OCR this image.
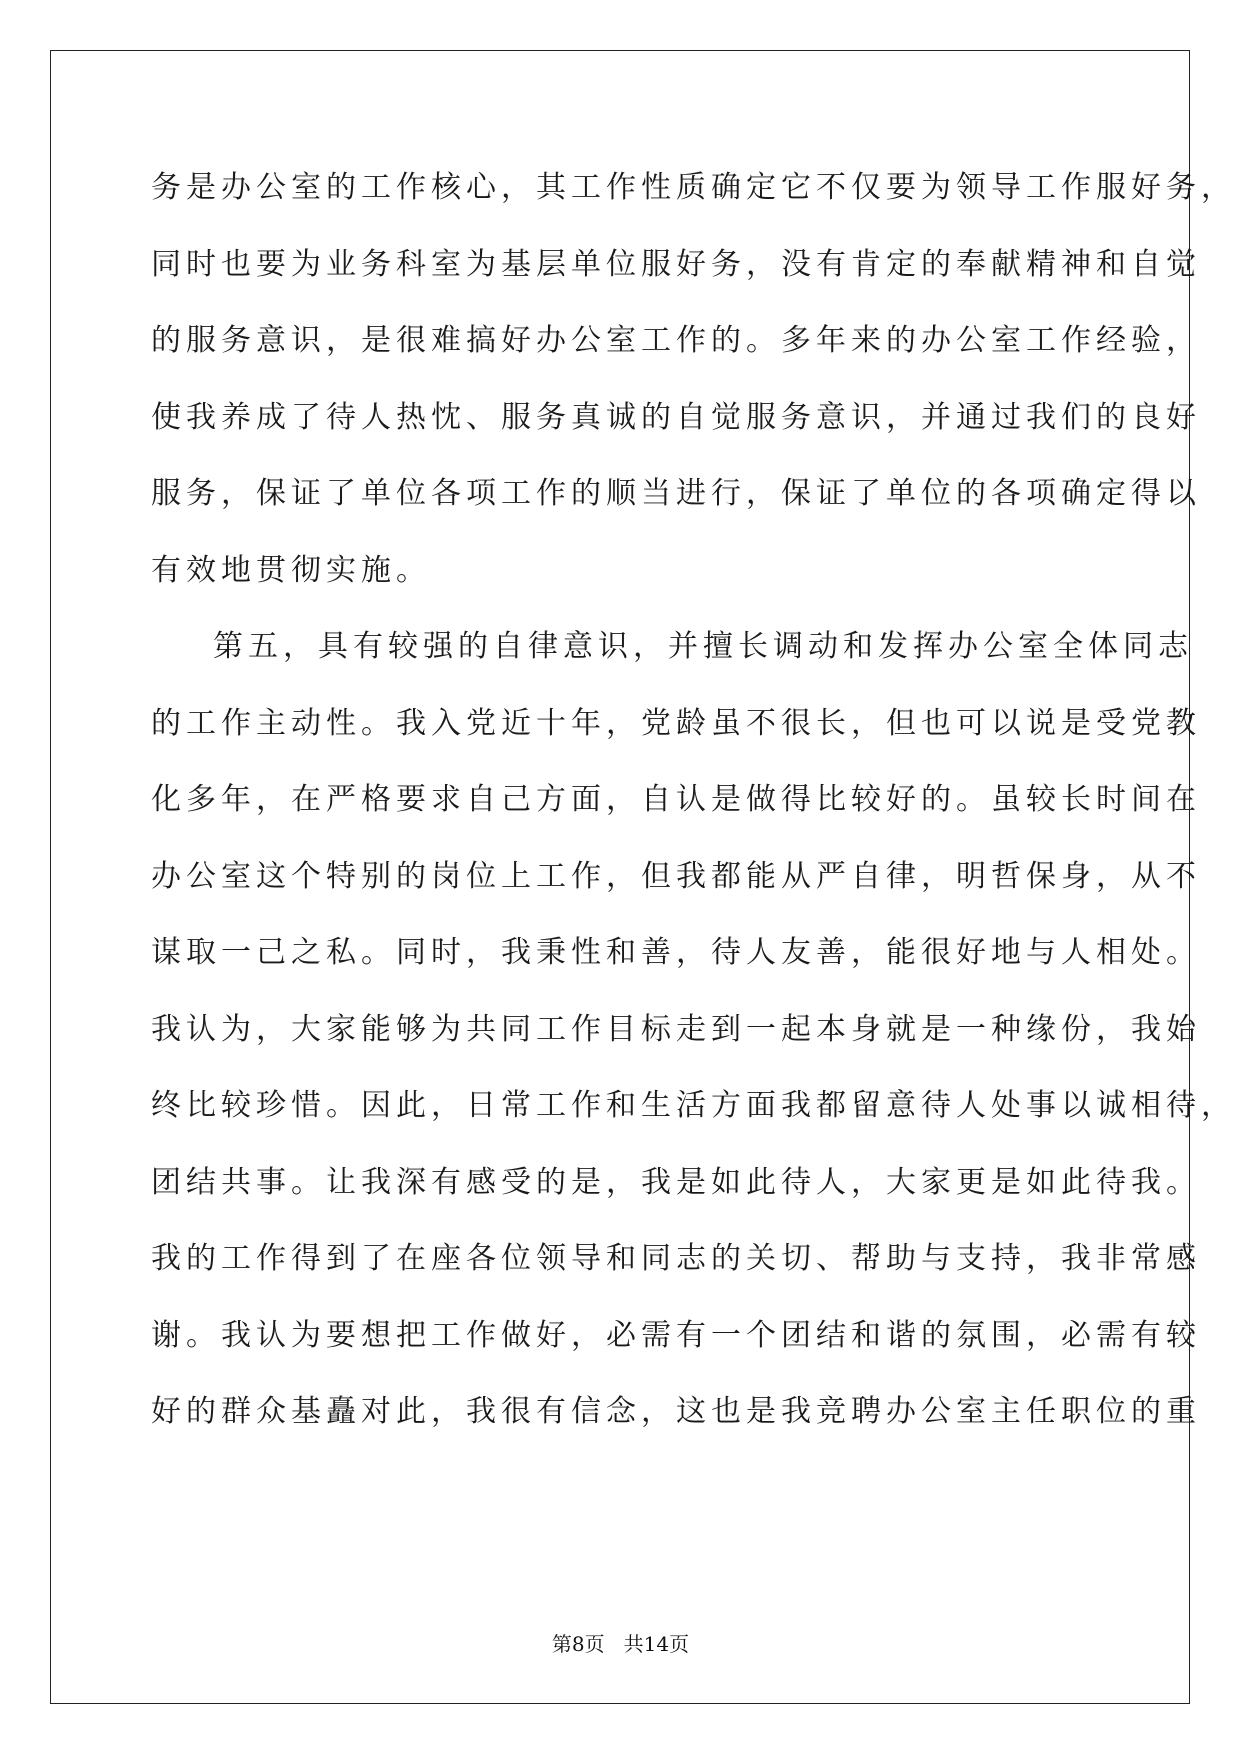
务是办公室的工作核心，其工作性质确定它不仅要为领导工作服好务，
同时也要为业务科室为基层单位服好务，没有肯定的奉献精神和自觉
的服务意识，是很难搞好办公室工作的。多年来的办公室工作经验，
使我养成了待人热忱、服务真诚的自觉服务意识，并通过我们的良好
服务，保证了单位各项工作的顺当进行，保证了单位的各项确定得以
有效地贯彻实施。
第五，具有较强的自律意识，并擅长调动和发挥办公室全体同志
的工作主动性。我入党近十年，党龄虽不很长，但也可以说是受党教
化多年，在严格要求自己方面，自认是做得比较好的。虽较长时间在
办公室这个特别的岗位上工作，但我都能从严自律，明哲保身，从不
谋取一己之私。同时，我秉性和善，待人友善，能很好地与人相处。
我认为，大家能够为共同工作目标走到一起本身就是一种缘份，我始
终比较珍惜。因此，日常工作和生活方面我都留意待人处事以诚相待，
团结共事。让我深有感受的是，我是如此待人，大家更是如此待我。
我的工作得到了在座各位领导和同志的关切、帮助与支持，我非常感
谢。我认为要想把工作做好，必需有一个团结和谐的氛围，必需有较
好的群众基矗对此，我很有信念，这也是我竞聘办公室主任职位的重
第8页   共14页
